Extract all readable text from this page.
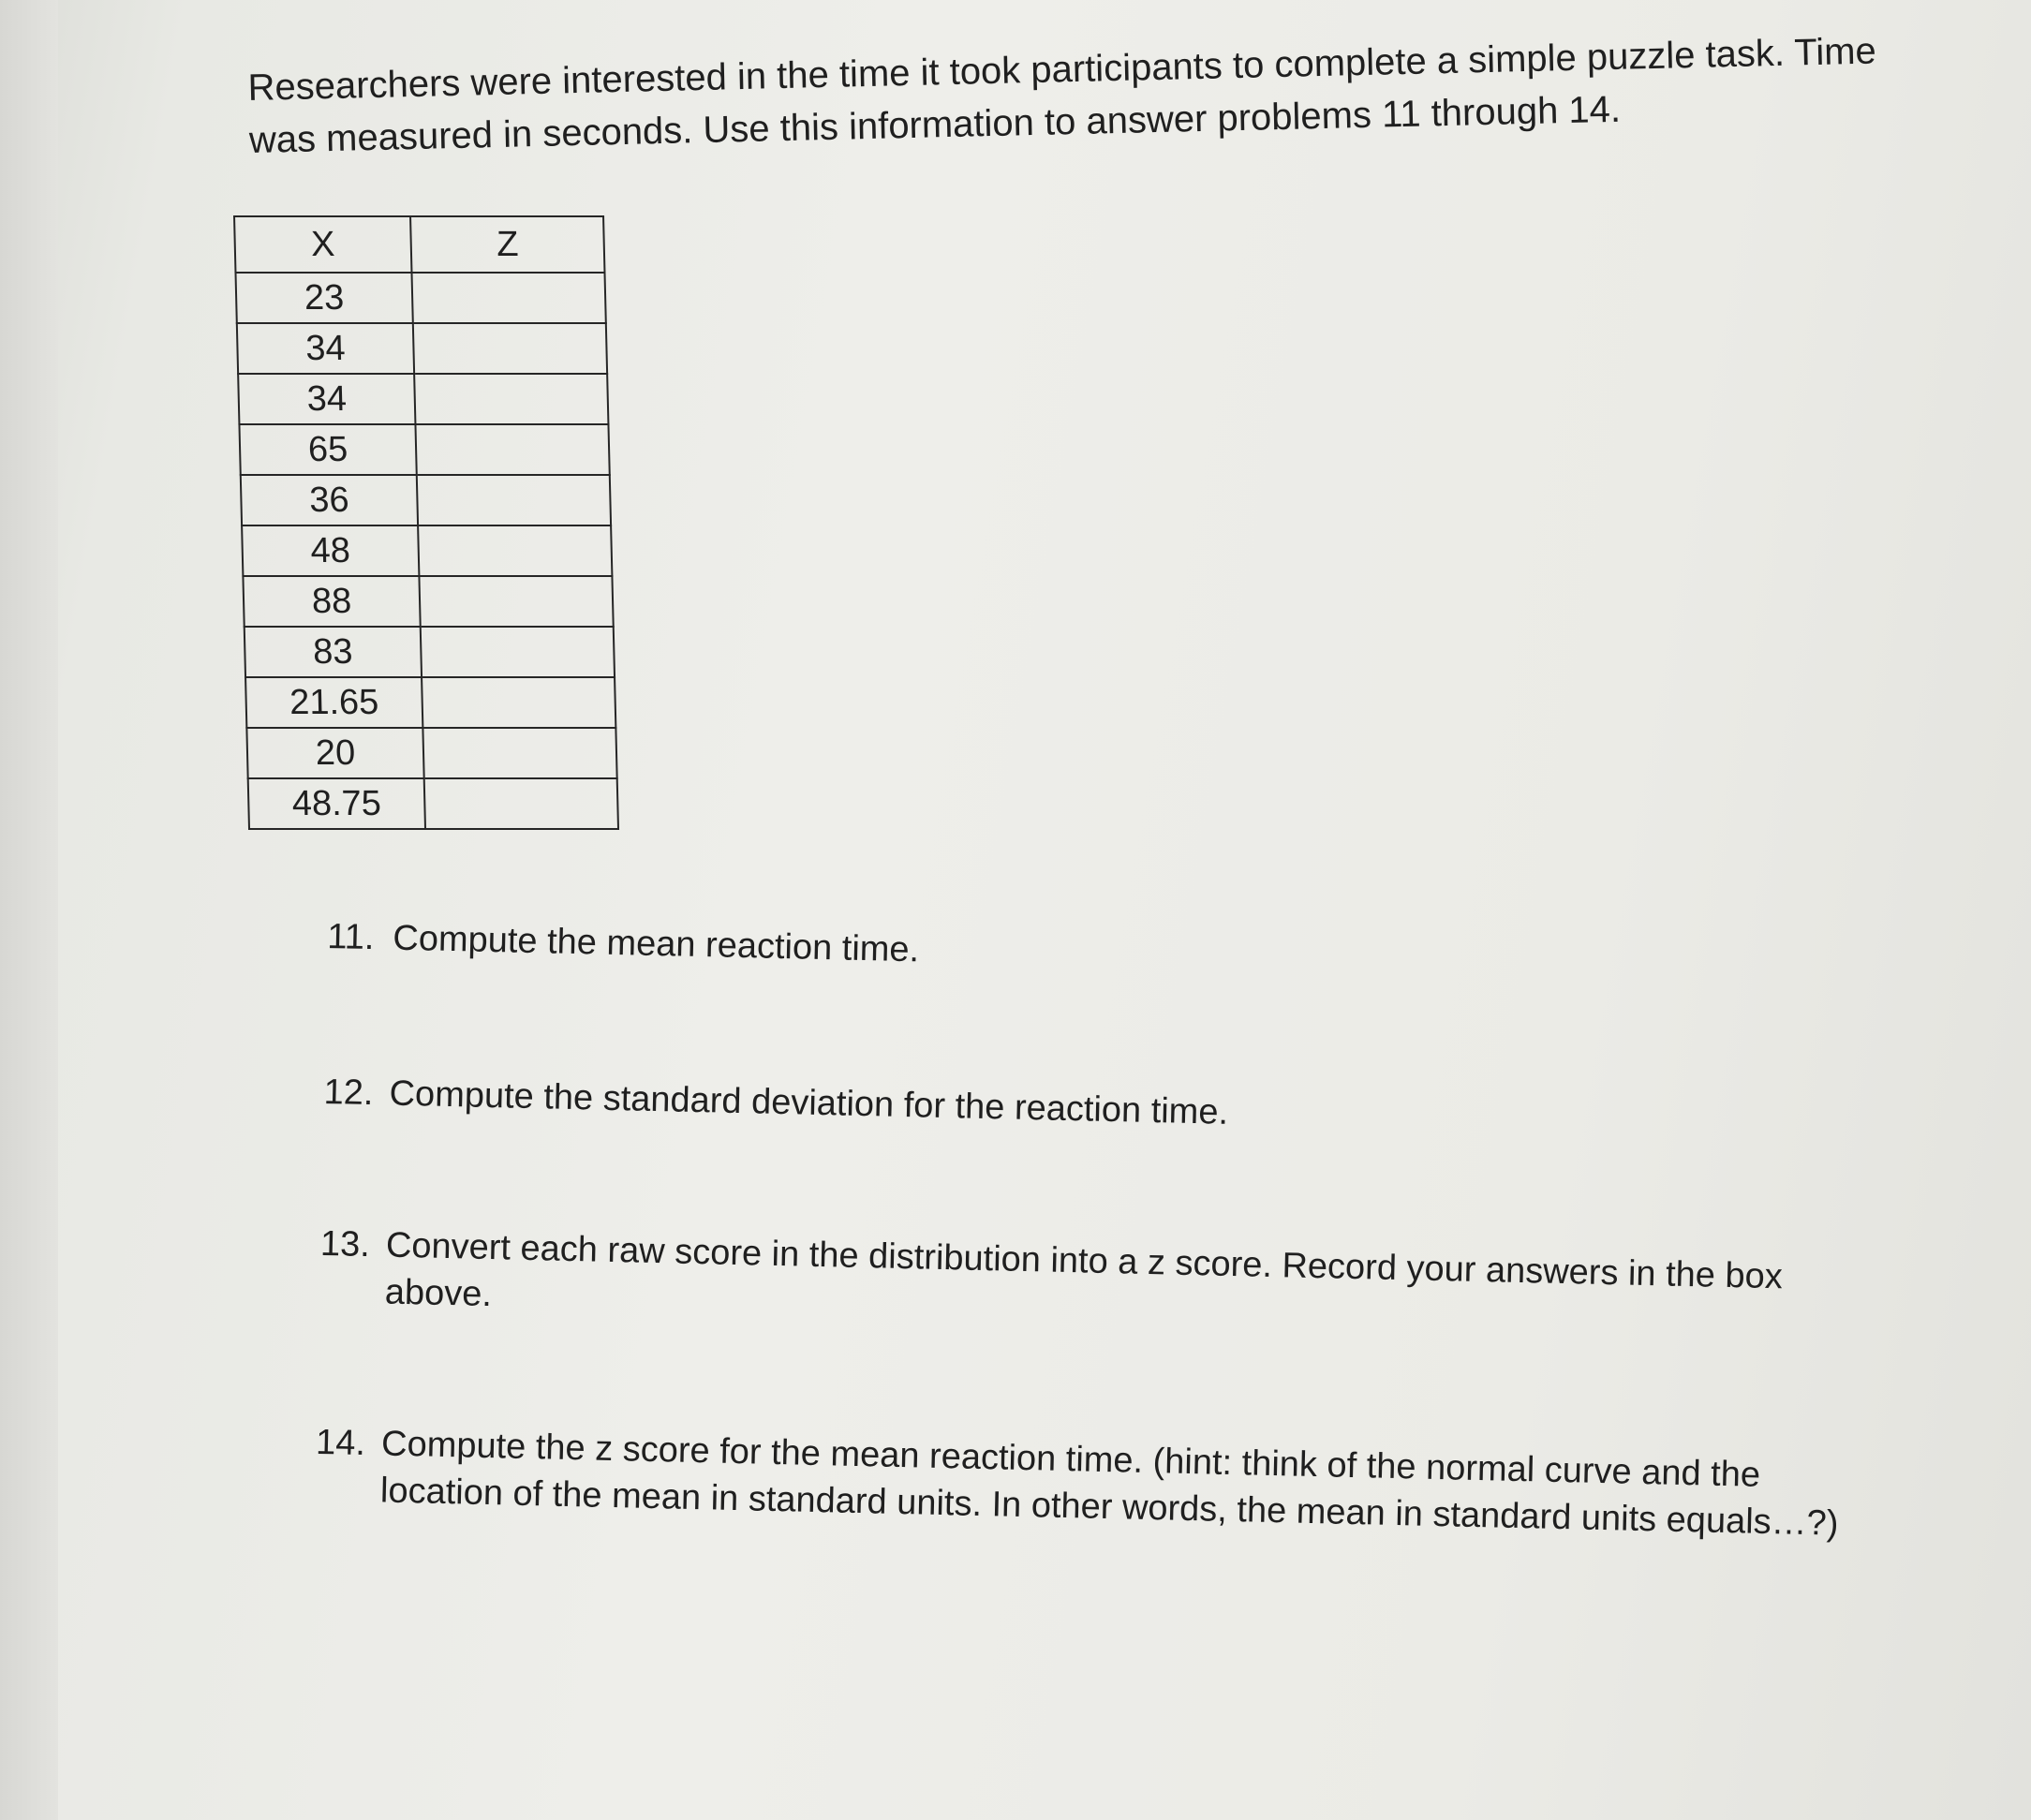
Researchers were interested in the time it took participants to complete a simple puzzle task. Time was measured in seconds. Use this information to answer problems 11 through 14.

X	Z
23	
34	
34	
65	
36	
48	
88	
83	
21.65	
20	
48.75	
11. Compute the mean reaction time.
12. Compute the standard deviation for the reaction time.
13. Convert each raw score in the distribution into a z score. Record your answers in the box above.
14. Compute the z score for the mean reaction time. (hint: think of the normal curve and the location of the mean in standard units. In other words, the mean in standard units equals…?)
